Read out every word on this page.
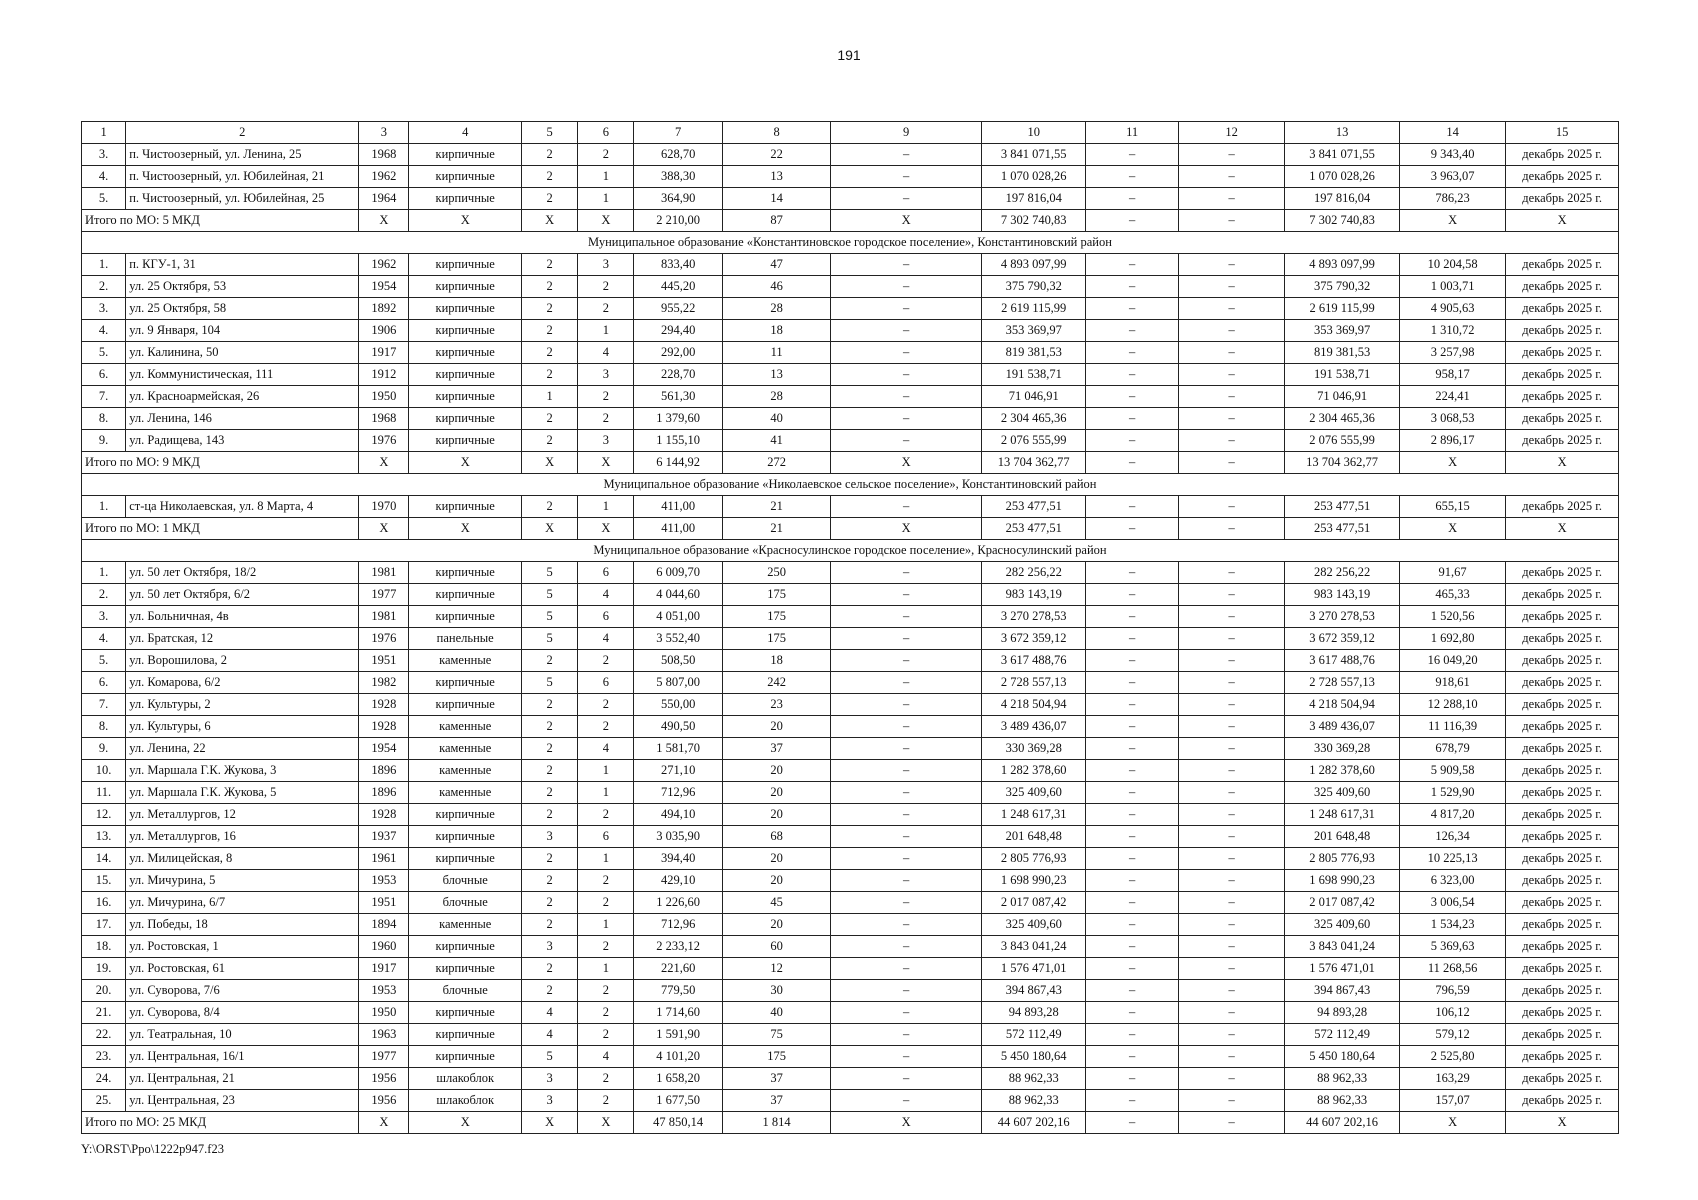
191
1	2	3	4	5	6	7	8	9	10	11	12	13	14	15
3.	п. Чистоозерный, ул. Ленина, 25	1968	кирпичные	2	2	628,70	22	–	3 841 071,55	–	–	3 841 071,55	9 343,40	декабрь 2025 г.
4.	п. Чистоозерный, ул. Юбилейная, 21	1962	кирпичные	2	1	388,30	13	–	1 070 028,26	–	–	1 070 028,26	3 963,07	декабрь 2025 г.
5.	п. Чистоозерный, ул. Юбилейная, 25	1964	кирпичные	2	1	364,90	14	–	197 816,04	–	–	197 816,04	786,23	декабрь 2025 г.
Итого по МО: 5 МКД		X	X	X	X	2 210,00	87	X	7 302 740,83	–	–	7 302 740,83	X	X
Муниципальное образование «Константиновское городское поселение», Константиновский район														
1.	п. КГУ-1, 31	1962	кирпичные	2	3	833,40	47	–	4 893 097,99	–	–	4 893 097,99	10 204,58	декабрь 2025 г.
2.	ул. 25 Октября, 53	1954	кирпичные	2	2	445,20	46	–	375 790,32	–	–	375 790,32	1 003,71	декабрь 2025 г.
3.	ул. 25 Октября, 58	1892	кирпичные	2	2	955,22	28	–	2 619 115,99	–	–	2 619 115,99	4 905,63	декабрь 2025 г.
4.	ул. 9 Января, 104	1906	кирпичные	2	1	294,40	18	–	353 369,97	–	–	353 369,97	1 310,72	декабрь 2025 г.
5.	ул. Калинина, 50	1917	кирпичные	2	4	292,00	11	–	819 381,53	–	–	819 381,53	3 257,98	декабрь 2025 г.
6.	ул. Коммунистическая, 111	1912	кирпичные	2	3	228,70	13	–	191 538,71	–	–	191 538,71	958,17	декабрь 2025 г.
7.	ул. Красноармейская, 26	1950	кирпичные	1	2	561,30	28	–	71 046,91	–	–	71 046,91	224,41	декабрь 2025 г.
8.	ул. Ленина, 146	1968	кирпичные	2	2	1 379,60	40	–	2 304 465,36	–	–	2 304 465,36	3 068,53	декабрь 2025 г.
9.	ул. Радищева, 143	1976	кирпичные	2	3	1 155,10	41	–	2 076 555,99	–	–	2 076 555,99	2 896,17	декабрь 2025 г.
Итого по МО: 9 МКД		X	X	X	X	6 144,92	272	X	13 704 362,77	–	–	13 704 362,77	X	X
Муниципальное образование «Николаевское сельское поселение», Константиновский район														
1.	ст-ца Николаевская, ул. 8 Марта, 4	1970	кирпичные	2	1	411,00	21	–	253 477,51	–	–	253 477,51	655,15	декабрь 2025 г.
Итого по МО: 1 МКД		X	X	X	X	411,00	21	X	253 477,51	–	–	253 477,51	X	X
Муниципальное образование «Красносулинское городское поселение», Красносулинский район														
1.	ул. 50 лет Октября, 18/2	1981	кирпичные	5	6	6 009,70	250	–	282 256,22	–	–	282 256,22	91,67	декабрь 2025 г.
2.	ул. 50 лет Октября, 6/2	1977	кирпичные	5	4	4 044,60	175	–	983 143,19	–	–	983 143,19	465,33	декабрь 2025 г.
3.	ул. Больничная, 4в	1981	кирпичные	5	6	4 051,00	175	–	3 270 278,53	–	–	3 270 278,53	1 520,56	декабрь 2025 г.
4.	ул. Братская, 12	1976	панельные	5	4	3 552,40	175	–	3 672 359,12	–	–	3 672 359,12	1 692,80	декабрь 2025 г.
5.	ул. Ворошилова, 2	1951	каменные	2	2	508,50	18	–	3 617 488,76	–	–	3 617 488,76	16 049,20	декабрь 2025 г.
6.	ул. Комарова, 6/2	1982	кирпичные	5	6	5 807,00	242	–	2 728 557,13	–	–	2 728 557,13	918,61	декабрь 2025 г.
7.	ул. Культуры, 2	1928	кирпичные	2	2	550,00	23	–	4 218 504,94	–	–	4 218 504,94	12 288,10	декабрь 2025 г.
8.	ул. Культуры, 6	1928	каменные	2	2	490,50	20	–	3 489 436,07	–	–	3 489 436,07	11 116,39	декабрь 2025 г.
9.	ул. Ленина, 22	1954	каменные	2	4	1 581,70	37	–	330 369,28	–	–	330 369,28	678,79	декабрь 2025 г.
10.	ул. Маршала Г.К. Жукова, 3	1896	каменные	2	1	271,10	20	–	1 282 378,60	–	–	1 282 378,60	5 909,58	декабрь 2025 г.
11.	ул. Маршала Г.К. Жукова, 5	1896	каменные	2	1	712,96	20	–	325 409,60	–	–	325 409,60	1 529,90	декабрь 2025 г.
12.	ул. Металлургов, 12	1928	кирпичные	2	2	494,10	20	–	1 248 617,31	–	–	1 248 617,31	4 817,20	декабрь 2025 г.
13.	ул. Металлургов, 16	1937	кирпичные	3	6	3 035,90	68	–	201 648,48	–	–	201 648,48	126,34	декабрь 2025 г.
14.	ул. Милицейская, 8	1961	кирпичные	2	1	394,40	20	–	2 805 776,93	–	–	2 805 776,93	10 225,13	декабрь 2025 г.
15.	ул. Мичурина, 5	1953	блочные	2	2	429,10	20	–	1 698 990,23	–	–	1 698 990,23	6 323,00	декабрь 2025 г.
16.	ул. Мичурина, 6/7	1951	блочные	2	2	1 226,60	45	–	2 017 087,42	–	–	2 017 087,42	3 006,54	декабрь 2025 г.
17.	ул. Победы, 18	1894	каменные	2	1	712,96	20	–	325 409,60	–	–	325 409,60	1 534,23	декабрь 2025 г.
18.	ул. Ростовская, 1	1960	кирпичные	3	2	2 233,12	60	–	3 843 041,24	–	–	3 843 041,24	5 369,63	декабрь 2025 г.
19.	ул. Ростовская, 61	1917	кирпичные	2	1	221,60	12	–	1 576 471,01	–	–	1 576 471,01	11 268,56	декабрь 2025 г.
20.	ул. Суворова, 7/6	1953	блочные	2	2	779,50	30	–	394 867,43	–	–	394 867,43	796,59	декабрь 2025 г.
21.	ул. Суворова, 8/4	1950	кирпичные	4	2	1 714,60	40	–	94 893,28	–	–	94 893,28	106,12	декабрь 2025 г.
22.	ул. Театральная, 10	1963	кирпичные	4	2	1 591,90	75	–	572 112,49	–	–	572 112,49	579,12	декабрь 2025 г.
23.	ул. Центральная, 16/1	1977	кирпичные	5	4	4 101,20	175	–	5 450 180,64	–	–	5 450 180,64	2 525,80	декабрь 2025 г.
24.	ул. Центральная, 21	1956	шлакоблок	3	2	1 658,20	37	–	88 962,33	–	–	88 962,33	163,29	декабрь 2025 г.
25.	ул. Центральная, 23	1956	шлакоблок	3	2	1 677,50	37	–	88 962,33	–	–	88 962,33	157,07	декабрь 2025 г.
Итого по МО: 25 МКД		X	X	X	X	47 850,14	1 814	X	44 607 202,16	–	–	44 607 202,16	X	X
Y:\ORST\Ppo\1222p947.f23
